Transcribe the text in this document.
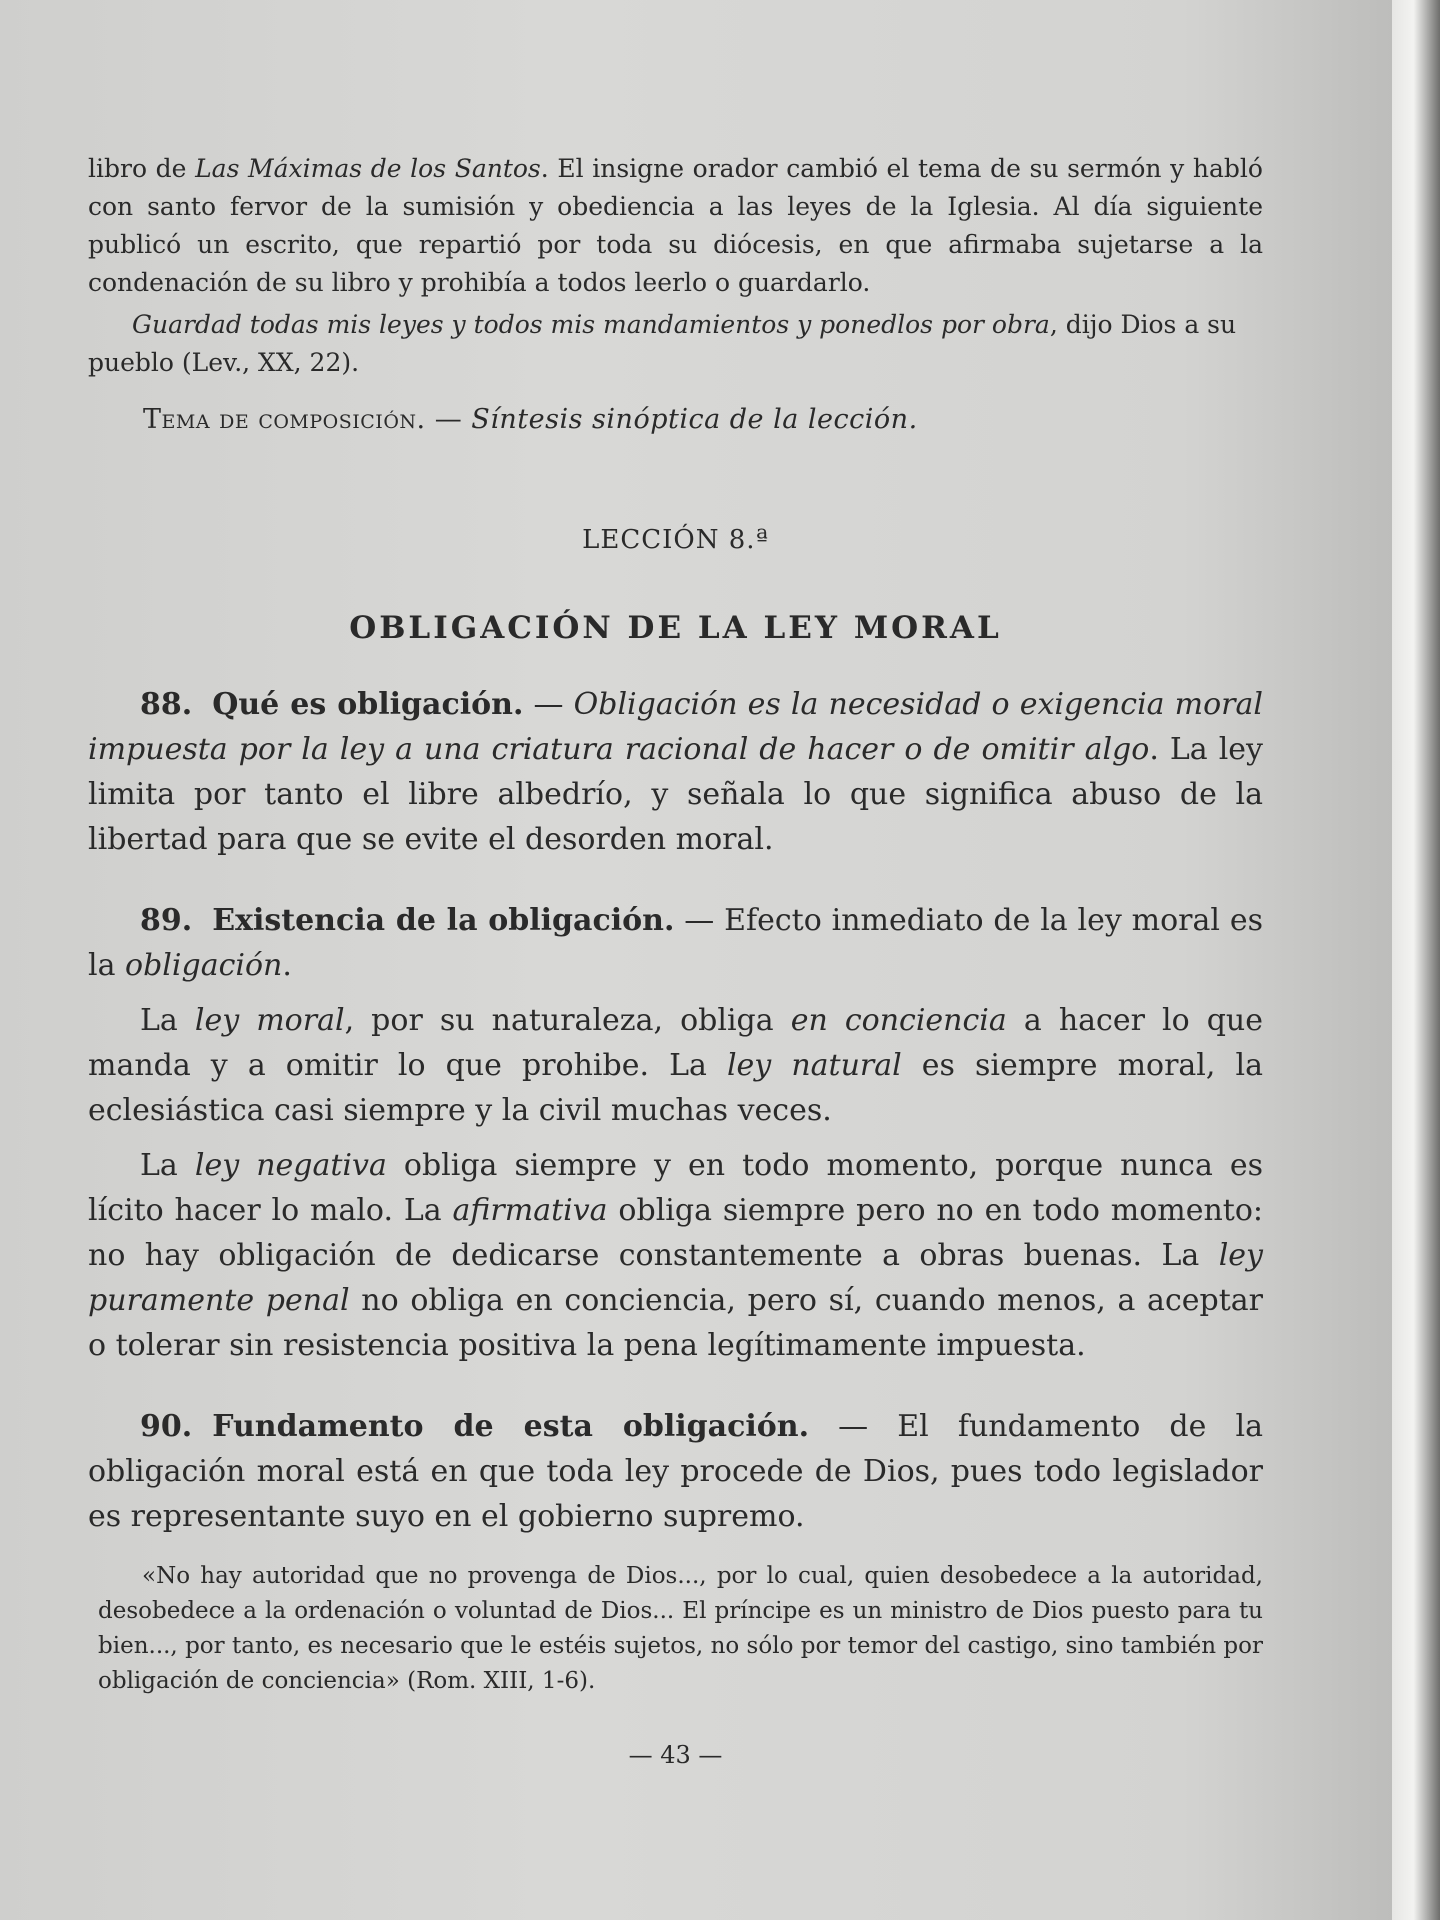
libro de Las Máximas de los Santos. El insigne orador cambió el tema de su sermón y habló con santo fervor de la sumisión y obediencia a las leyes de la Iglesia. Al día siguiente publicó un escrito, que repartió por toda su diócesis, en que afirmaba sujetarse a la condenación de su libro y prohibía a todos leerlo o guardarlo.

Guardad todas mis leyes y todos mis mandamientos y ponedlos por obra, dijo Dios a su pueblo (Lev., XX, 22).

Tema de composición. — Síntesis sinóptica de la lección.

LECCIÓN 8.ª

OBLIGACIÓN DE LA LEY MORAL

88. Qué es obligación. — Obligación es la necesidad o exigencia moral impuesta por la ley a una criatura racional de hacer o de omitir algo. La ley limita por tanto el libre albedrío, y señala lo que significa abuso de la libertad para que se evite el desorden moral.

89. Existencia de la obligación. — Efecto inmediato de la ley moral es la obligación.

La ley moral, por su naturaleza, obliga en conciencia a hacer lo que manda y a omitir lo que prohibe. La ley natural es siempre moral, la eclesiástica casi siempre y la civil muchas veces.

La ley negativa obliga siempre y en todo momento, porque nunca es lícito hacer lo malo. La afirmativa obliga siempre pero no en todo momento: no hay obligación de dedicarse constantemente a obras buenas. La ley puramente penal no obliga en conciencia, pero sí, cuando menos, a aceptar o tolerar sin resistencia positiva la pena legítimamente impuesta.

90. Fundamento de esta obligación. — El fundamento de la obligación moral está en que toda ley procede de Dios, pues todo legislador es representante suyo en el gobierno supremo.

«No hay autoridad que no provenga de Dios..., por lo cual, quien desobedece a la autoridad, desobedece a la ordenación o voluntad de Dios... El príncipe es un ministro de Dios puesto para tu bien..., por tanto, es necesario que le estéis sujetos, no sólo por temor del castigo, sino también por obligación de conciencia» (Rom. XIII, 1-6).

— 43 —
